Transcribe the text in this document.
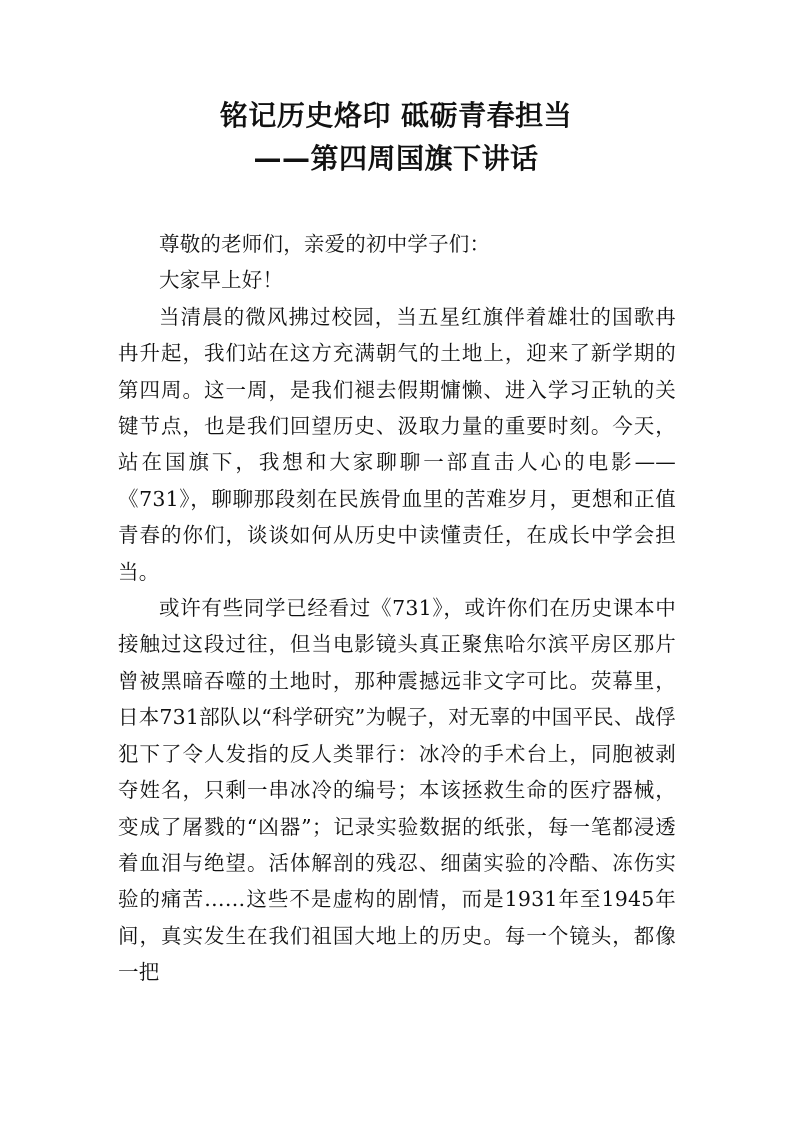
铭记历史烙印 砥砺青春担当
——第四周国旗下讲话

尊敬的老师们，亲爱的初中学子们：

大家早上好！

当清晨的微风拂过校园，当五星红旗伴着雄壮的国歌冉冉升起，我们站在这方充满朝气的土地上，迎来了新学期的第四周。这一周，是我们褪去假期慵懒、进入学习正轨的关键节点，也是我们回望历史、汲取力量的重要时刻。今天，站在国旗下，我想和大家聊聊一部直击人心的电影——《731》，聊聊那段刻在民族骨血里的苦难岁月，更想和正值青春的你们，谈谈如何从历史中读懂责任，在成长中学会担当。

或许有些同学已经看过《731》，或许你们在历史课本中接触过这段过往，但当电影镜头真正聚焦哈尔滨平房区那片曾被黑暗吞噬的土地时，那种震撼远非文字可比。荧幕里，日本731部队以“科学研究”为幌子，对无辜的中国平民、战俘犯下了令人发指的反人类罪行：冰冷的手术台上，同胞被剥夺姓名，只剩一串冰冷的编号；本该拯救生命的医疗器械，变成了屠戮的“凶器”；记录实验数据的纸张，每一笔都浸透着血泪与绝望。活体解剖的残忍、细菌实验的冷酷、冻伤实验的痛苦……这些不是虚构的剧情，而是1931年至1945年间，真实发生在我们祖国大地上的历史。每一个镜头，都像一把
